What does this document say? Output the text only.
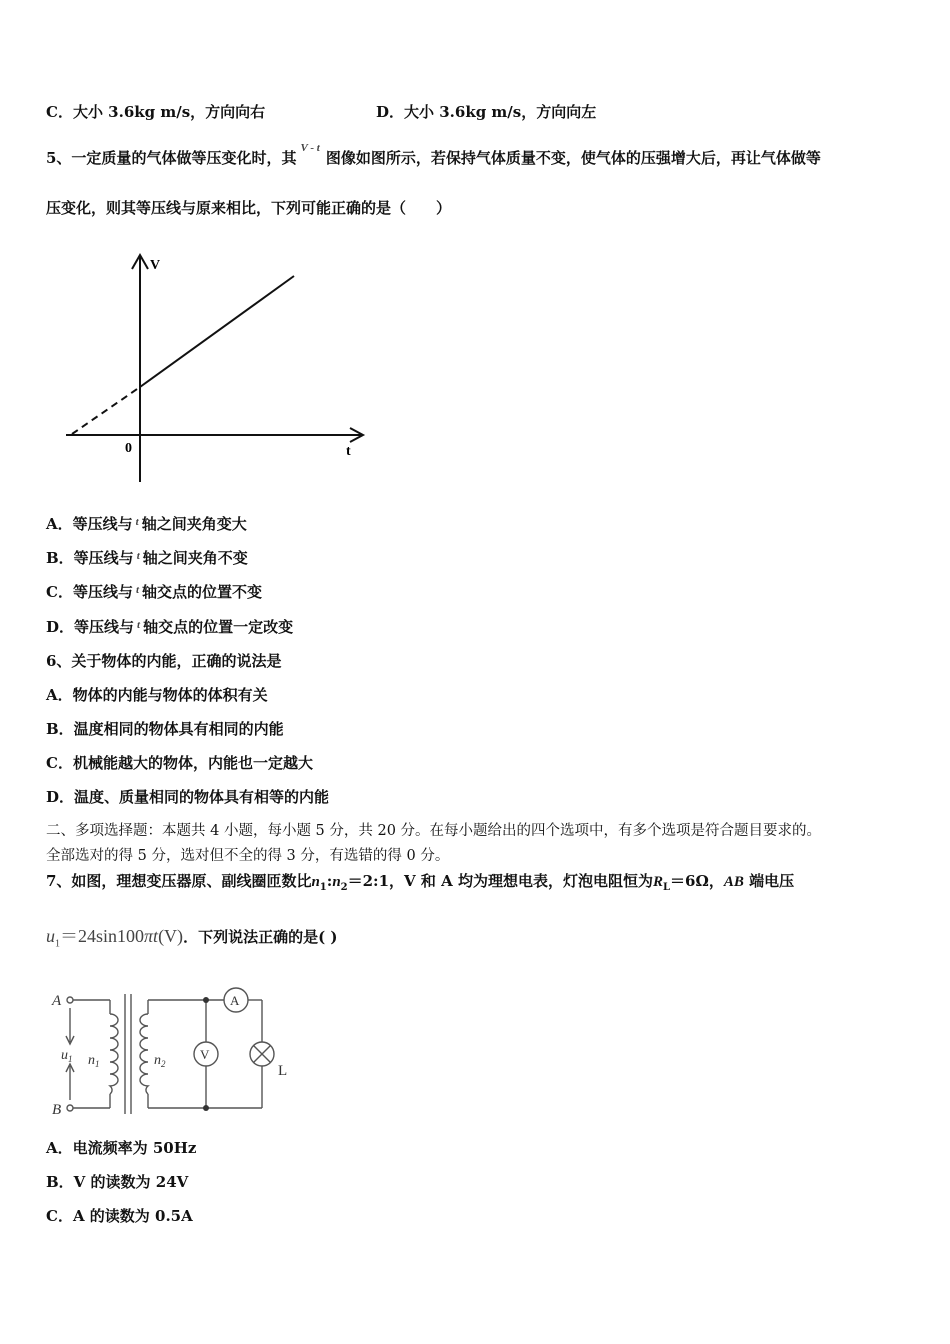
C．大小 3.6kg m/s，方向向右	D．大小 3.6kg m/s，方向向左
5、一定质量的气体做等压变化时，其$^{V - t}$图像如图所示，若保持气体质量不变，使气体的压强增大后，再让气体做等
压变化，则其等压线与原来相比，下列可能正确的是（　　）
V
0	t
A．等压线与 $^t$ 轴之间夹角变大
B．等压线与 $^t$ 轴之间夹角不变
C．等压线与 $^t$ 轴交点的位置不变
D．等压线与 $^t$ 轴交点的位置一定改变
6、关于物体的内能，正确的说法是
A．物体的内能与物体的体积有关
B．温度相同的物体具有相同的内能
C．机械能越大的物体，内能也一定越大
D．温度、质量相同的物体具有相等的内能
二、多项选择题：本题共 4 小题，每小题 5 分，共 20 分。在每小题给出的四个选项中，有多个选项是符合题目要求的。
全部选对的得 5 分，选对但不全的得 3 分，有选错的得 0 分。
7、如图，理想变压器原、副线圈匝数比$n_1:n_2=2:1$，V 和 A 均为理想电表，灯泡电阻恒为$R_L=6\Omega$，AB 端电压
$u_1=24\sin 100\pi t(V)$．下列说法正确的是( )
A
B
$u_1$ $n_1$	$n_2$
A
V
L
A．电流频率为 50Hz
B．V 的读数为 24V
C．A 的读数为 0.5A
